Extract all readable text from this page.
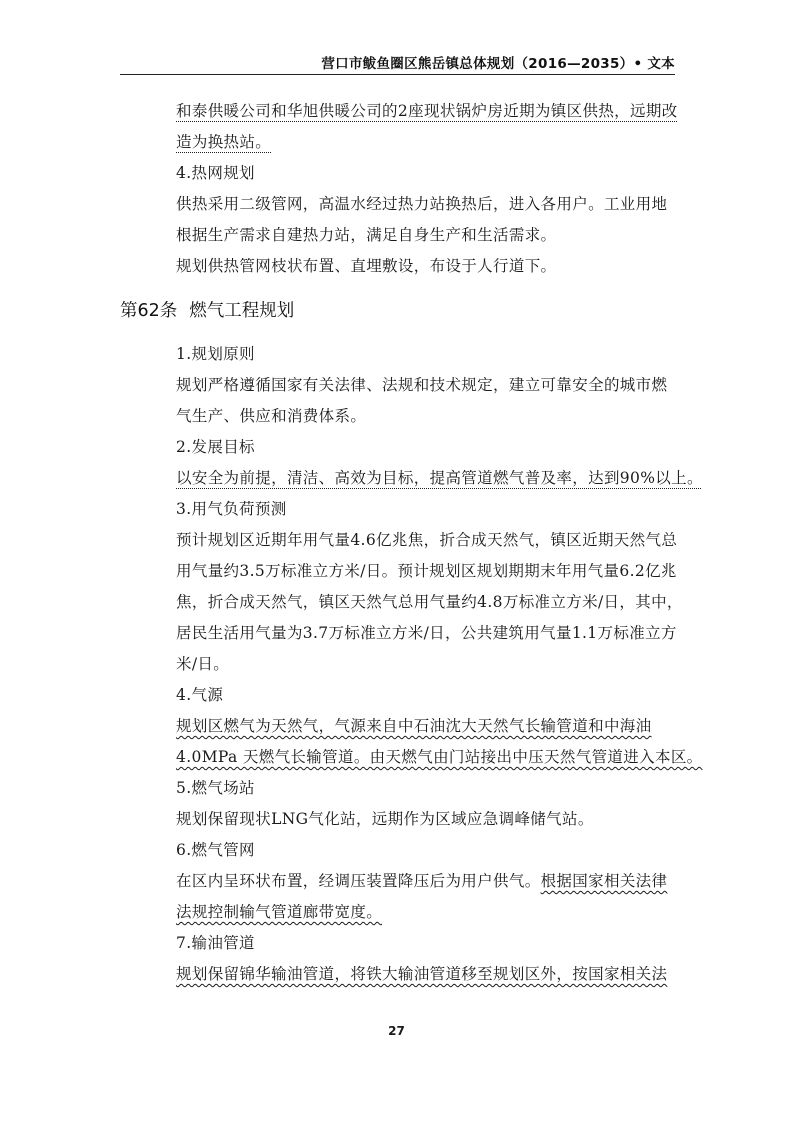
营口市鲅鱼圈区熊岳镇总体规划（2016—2035）• 文本

和泰供暖公司和华旭供暖公司的2座现状锅炉房近期为镇区供热，远期改

造为换热站。

4.热网规划

供热采用二级管网，高温水经过热力站换热后，进入各用户。工业用地

根据生产需求自建热力站，满足自身生产和生活需求。

规划供热管网枝状布置、直埋敷设，布设于人行道下。

第62条 燃气工程规划

1.规划原则

规划严格遵循国家有关法律、法规和技术规定，建立可靠安全的城市燃

气生产、供应和消费体系。

2.发展目标

以安全为前提，清洁、高效为目标，提高管道燃气普及率，达到90%以上。

3.用气负荷预测

预计规划区近期年用气量4.6亿兆焦，折合成天然气，镇区近期天然气总

用气量约3.5万标准立方米/日。预计规划区规划期期末年用气量6.2亿兆

焦，折合成天然气，镇区天然气总用气量约4.8万标准立方米/日，其中，

居民生活用气量为3.7万标准立方米/日，公共建筑用气量1.1万标准立方

米/日。

4.气源

规划区燃气为天然气，气源来自中石油沈大天然气长输管道和中海油

4.0MPa 天燃气长输管道。由天燃气由门站接出中压天然气管道进入本区。

5.燃气场站

规划保留现状LNG气化站，远期作为区域应急调峰储气站。

6.燃气管网

在区内呈环状布置，经调压装置降压后为用户供气。根据国家相关法律

法规控制输气管道廊带宽度。

7.输油管道

规划保留锦华输油管道，将铁大输油管道移至规划区外，按国家相关法

27
